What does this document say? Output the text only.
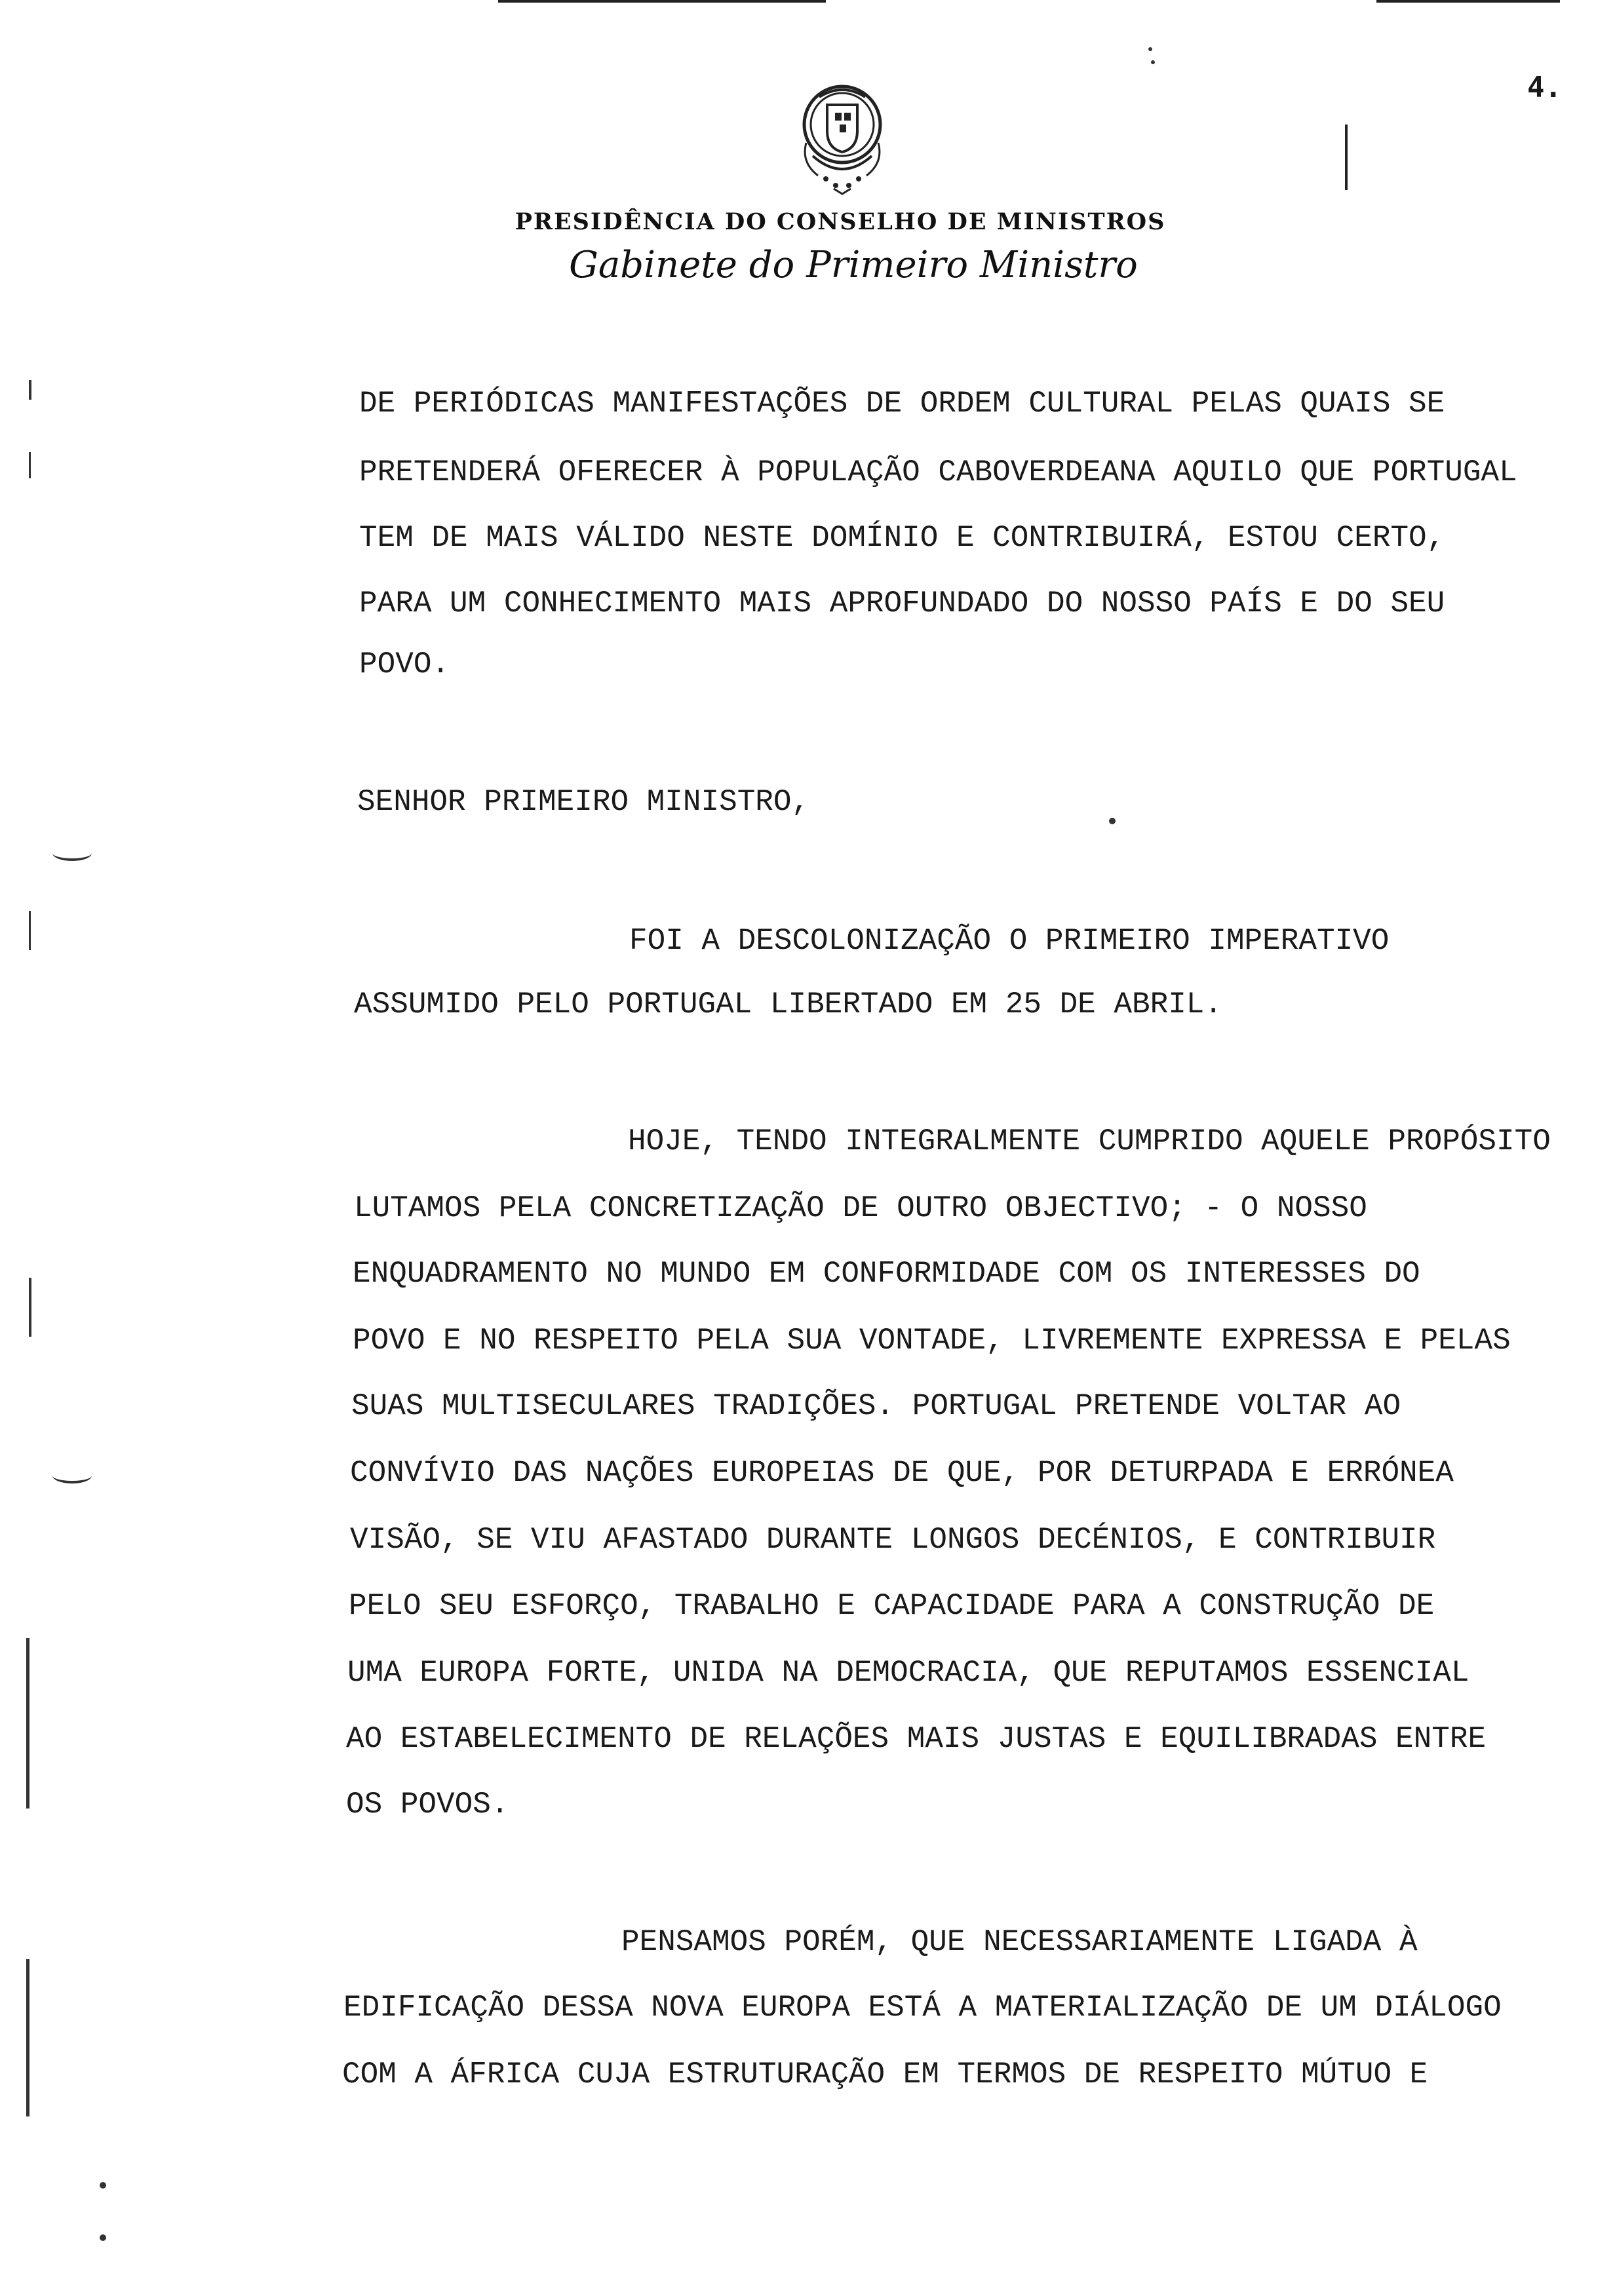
4.
PRESIDÊNCIA DO CONSELHO DE MINISTROS
Gabinete do Primeiro Ministro
DE PERIÓDICAS MANIFESTAÇÕES DE ORDEM CULTURAL PELAS QUAIS SE
PRETENDERÁ OFERECER À POPULAÇÃO CABOVERDEANA AQUILO QUE PORTUGAL
TEM DE MAIS VÁLIDO NESTE DOMÍNIO E CONTRIBUIRÁ, ESTOU CERTO,
PARA UM CONHECIMENTO MAIS APROFUNDADO DO NOSSO PAÍS E DO SEU
POVO.
SENHOR PRIMEIRO MINISTRO,
FOI A DESCOLONIZAÇÃO O PRIMEIRO IMPERATIVO
ASSUMIDO PELO PORTUGAL LIBERTADO EM 25 DE ABRIL.
HOJE, TENDO INTEGRALMENTE CUMPRIDO AQUELE PROPÓSITO
LUTAMOS PELA CONCRETIZAÇÃO DE OUTRO OBJECTIVO; - O NOSSO
ENQUADRAMENTO NO MUNDO EM CONFORMIDADE COM OS INTERESSES DO
POVO E NO RESPEITO PELA SUA VONTADE, LIVREMENTE EXPRESSA E PELAS
SUAS MULTISECULARES TRADIÇÕES. PORTUGAL PRETENDE VOLTAR AO
CONVÍVIO DAS NAÇÕES EUROPEIAS DE QUE, POR DETURPADA E ERRÓNEA
VISÃO, SE VIU AFASTADO DURANTE LONGOS DECÉNIOS, E CONTRIBUIR
PELO SEU ESFORÇO, TRABALHO E CAPACIDADE PARA A CONSTRUÇÃO DE
UMA EUROPA FORTE, UNIDA NA DEMOCRACIA, QUE REPUTAMOS ESSENCIAL
AO ESTABELECIMENTO DE RELAÇÕES MAIS JUSTAS E EQUILIBRADAS ENTRE
OS POVOS.
PENSAMOS PORÉM, QUE NECESSARIAMENTE LIGADA À
EDIFICAÇÃO DESSA NOVA EUROPA ESTÁ A MATERIALIZAÇÃO DE UM DIÁLOGO
COM A ÁFRICA CUJA ESTRUTURAÇÃO EM TERMOS DE RESPEITO MÚTUO E
